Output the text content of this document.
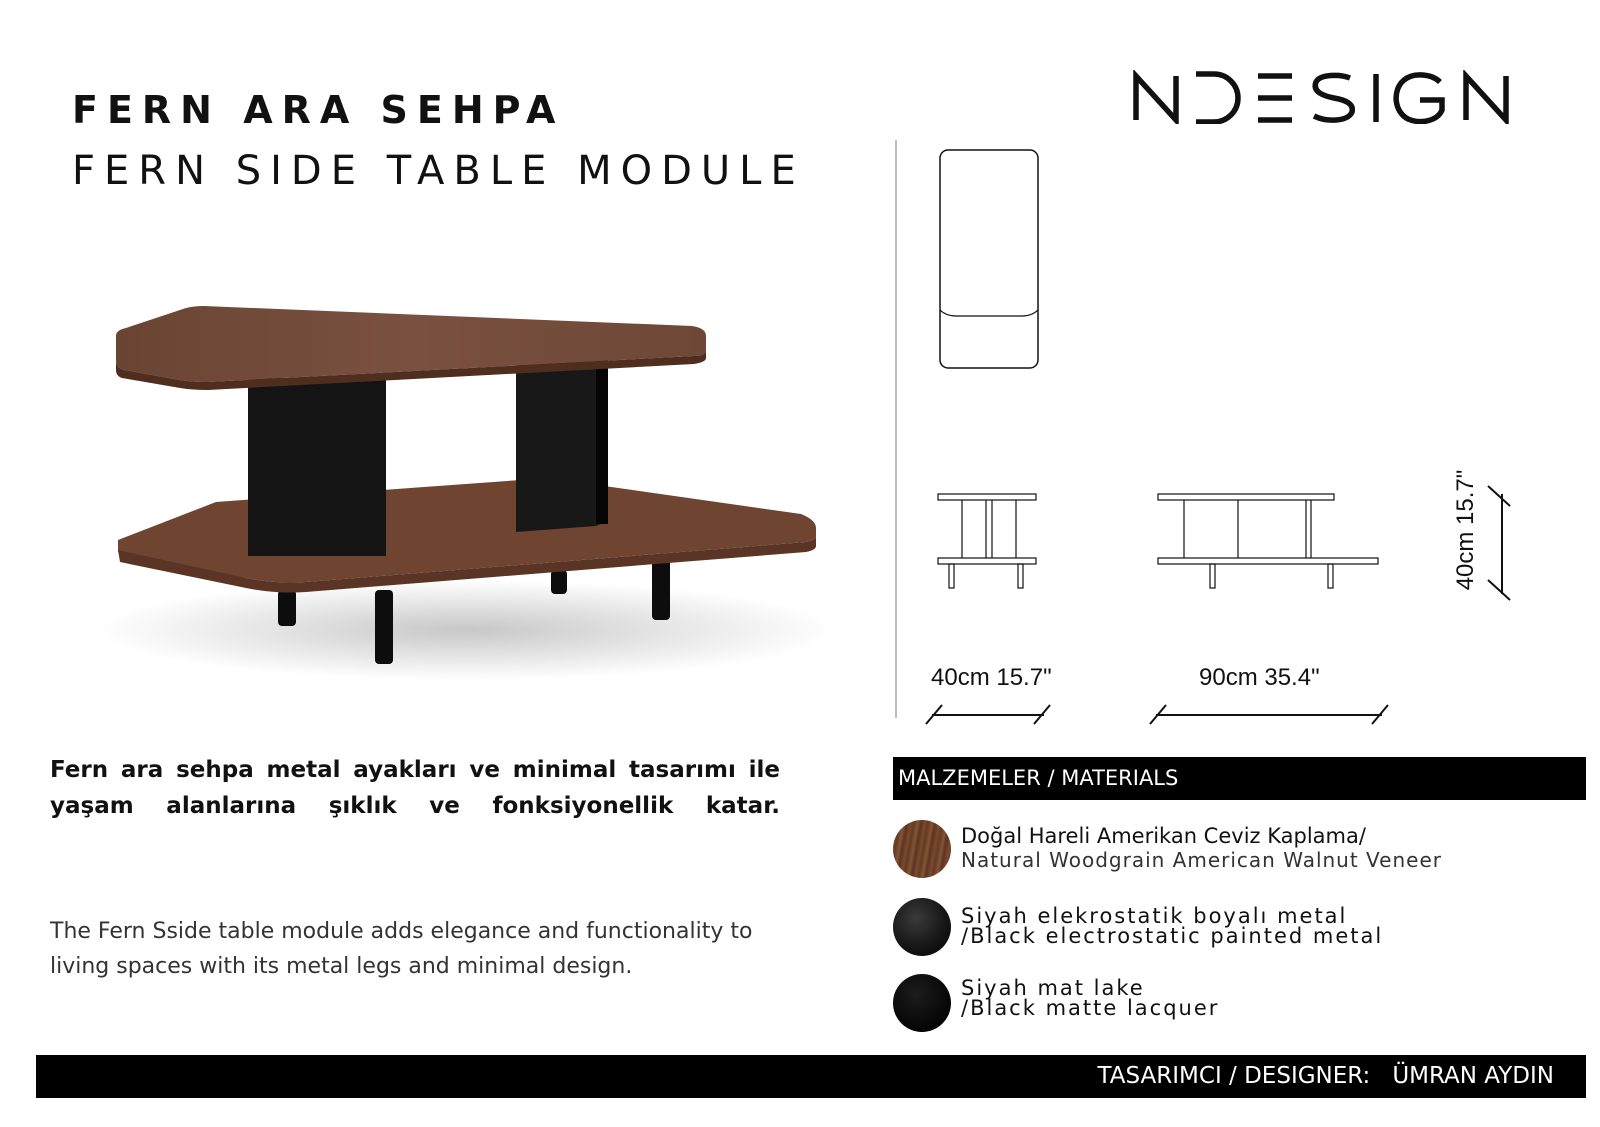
FERN ARA SEHPA
FERN SIDE TABLE MODULE
40cm 15.7"	90cm 35.4"
40cm 15.7"
Fern ara sehpa metal ayakları ve minimal tasarımı ile yaşam alanlarına şıklık ve fonksiyonellik katar.
The Fern Sside table module adds elegance and functionality to living spaces with its metal legs and minimal design.
MALZEMELER / MATERIALS
Doğal Hareli Amerikan Ceviz Kaplama/
Natural Woodgrain American Walnut Veneer
Siyah elekrostatik boyalı metal
/Black electrostatic painted metal
Siyah mat lake
/Black matte lacquer
TASARIMCI / DESIGNER: ÜMRAN AYDIN
